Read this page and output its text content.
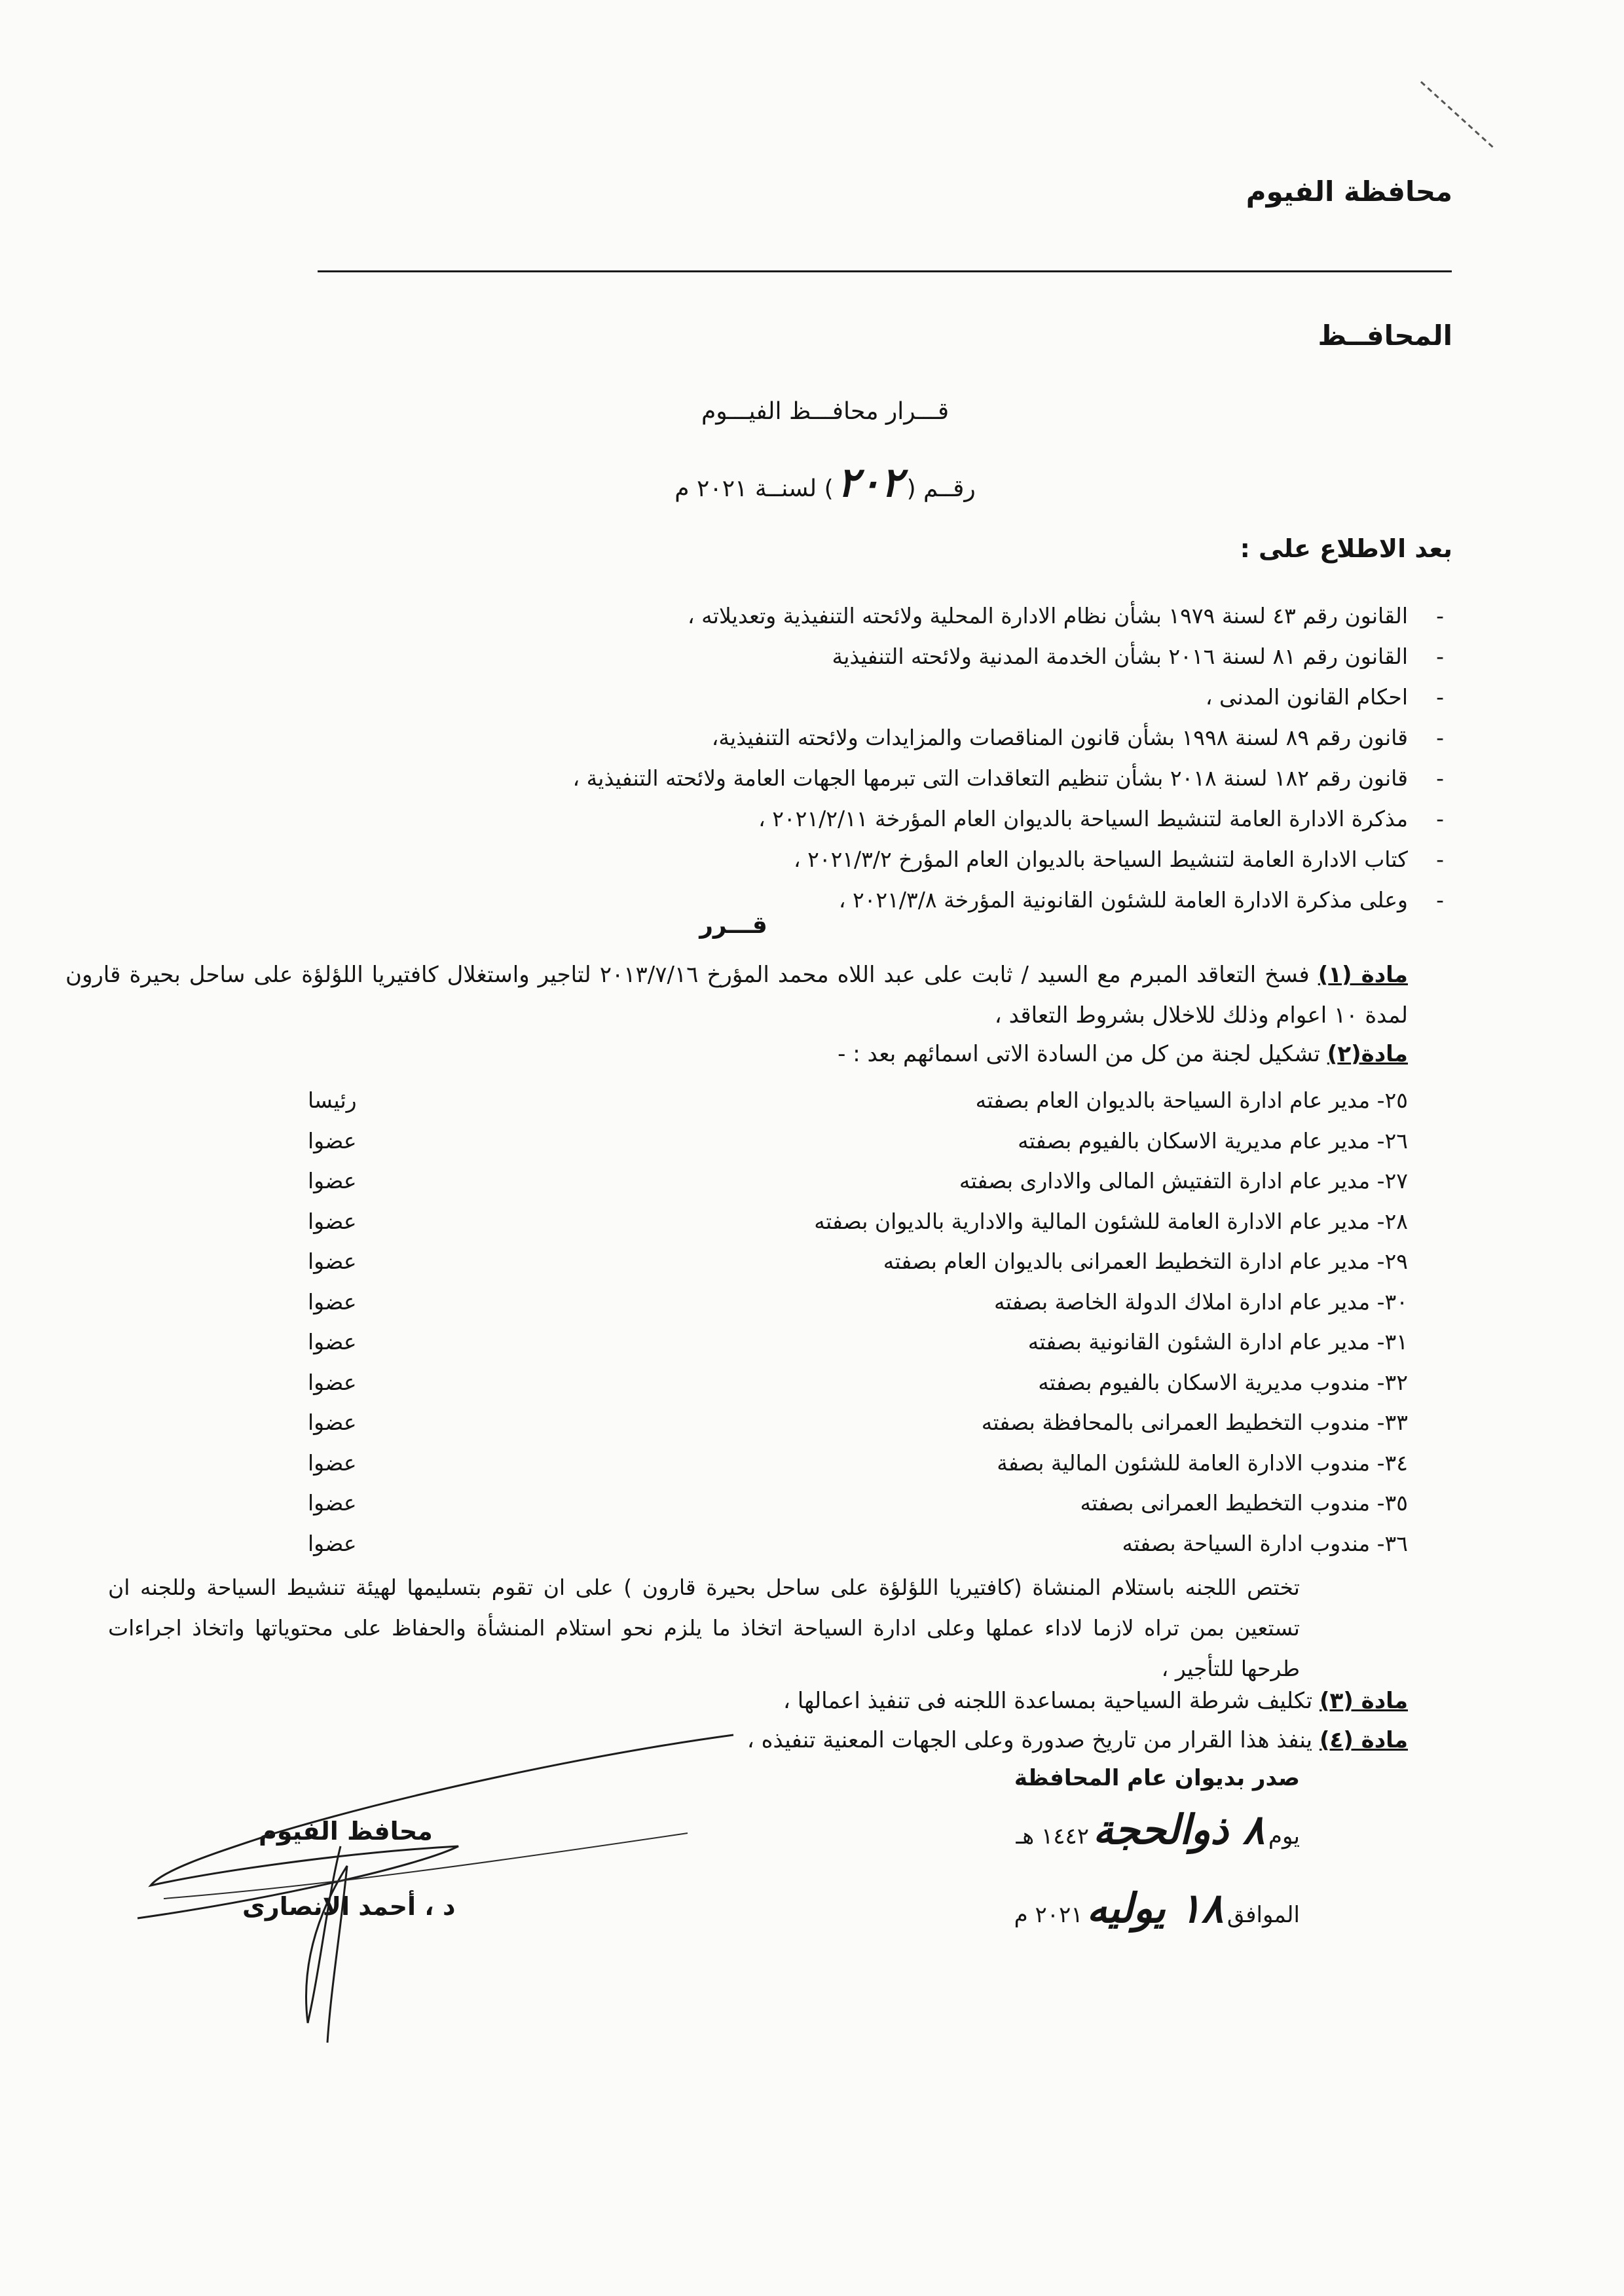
محافظة الفيوم
المحافــظ
قـــرار محافـــظ الفيـــوم
رقــم (٢٠٢) لسنــة ٢٠٢١ م
بعد الاطلاع على :
- القانون رقم ٤٣ لسنة ١٩٧٩ بشأن نظام الادارة المحلية ولائحته التنفيذية وتعديلاته ،
- القانون رقم ٨١ لسنة ٢٠١٦ بشأن الخدمة المدنية ولائحته التنفيذية
- احكام القانون المدنى ،
- قانون رقم ٨٩ لسنة ١٩٩٨ بشأن قانون المناقصات والمزايدات ولائحته التنفيذية،
- قانون رقم ١٨٢ لسنة ٢٠١٨ بشأن تنظيم التعاقدات التى تبرمها الجهات العامة ولائحته التنفيذية ،
- مذكرة الادارة العامة لتنشيط السياحة بالديوان العام المؤرخة ٢٠٢١/٢/١١ ،
- كتاب الادارة العامة لتنشيط السياحة بالديوان العام المؤرخ ٢٠٢١/٣/٢ ،
- وعلى مذكرة الادارة العامة للشئون القانونية المؤرخة ٢٠٢١/٣/٨ ،
قـــرر
مادة (١) فسخ التعاقد المبرم مع السيد / ثابت على عبد اللاه محمد المؤرخ ٢٠١٣/٧/١٦ لتاجير واستغلال كافتيريا اللؤلؤة على ساحل بحيرة قارون لمدة ١٠ اعوام وذلك للاخلال بشروط التعاقد ،
مادة(٢) تشكيل لجنة من كل من السادة الاتى اسمائهم بعد : -
٢٥- مدير عام ادارة السياحة بالديوان العام بصفته
رئيسا
٢٦- مدير عام مديرية الاسكان بالفيوم بصفته
عضوا
٢٧- مدير عام ادارة التفتيش المالى والادارى بصفته
عضوا
٢٨- مدير عام الادارة العامة للشئون المالية والادارية بالديوان بصفته
عضوا
٢٩- مدير عام ادارة التخطيط العمرانى بالديوان العام بصفته
عضوا
٣٠- مدير عام ادارة املاك الدولة الخاصة بصفته
عضوا
٣١- مدير عام ادارة الشئون القانونية بصفته
عضوا
٣٢- مندوب مديرية الاسكان بالفيوم بصفته
عضوا
٣٣- مندوب التخطيط العمرانى بالمحافظة بصفته
عضوا
٣٤- مندوب الادارة العامة للشئون المالية بصفة
عضوا
٣٥- مندوب التخطيط العمرانى بصفته
عضوا
٣٦- مندوب ادارة السياحة بصفته
عضوا
تختص اللجنه باستلام المنشاة (كافتيريا اللؤلؤة على ساحل بحيرة قارون ) على ان تقوم بتسليمها لهيئة تنشيط السياحة وللجنه ان تستعين بمن تراه لازما لاداء عملها وعلى ادارة السياحة اتخاذ ما يلزم نحو استلام المنشأة والحفاظ على محتوياتها واتخاذ اجراءات طرحها للتأجير ،
مادة (٣) تكليف شرطة السياحية بمساعدة اللجنه فى تنفيذ اعمالها ،
مادة (٤) ينفذ هذا القرار من تاريخ صدورة وعلى الجهات المعنية تنفيذه ،
صدر بديوان عام المحافظة
يوم٨ ذوالحجة١٤٤٢ هـ
الموافق١٨ يوليه٢٠٢١ م
محافظ الفيوم
د ، أحمد الانصارى
